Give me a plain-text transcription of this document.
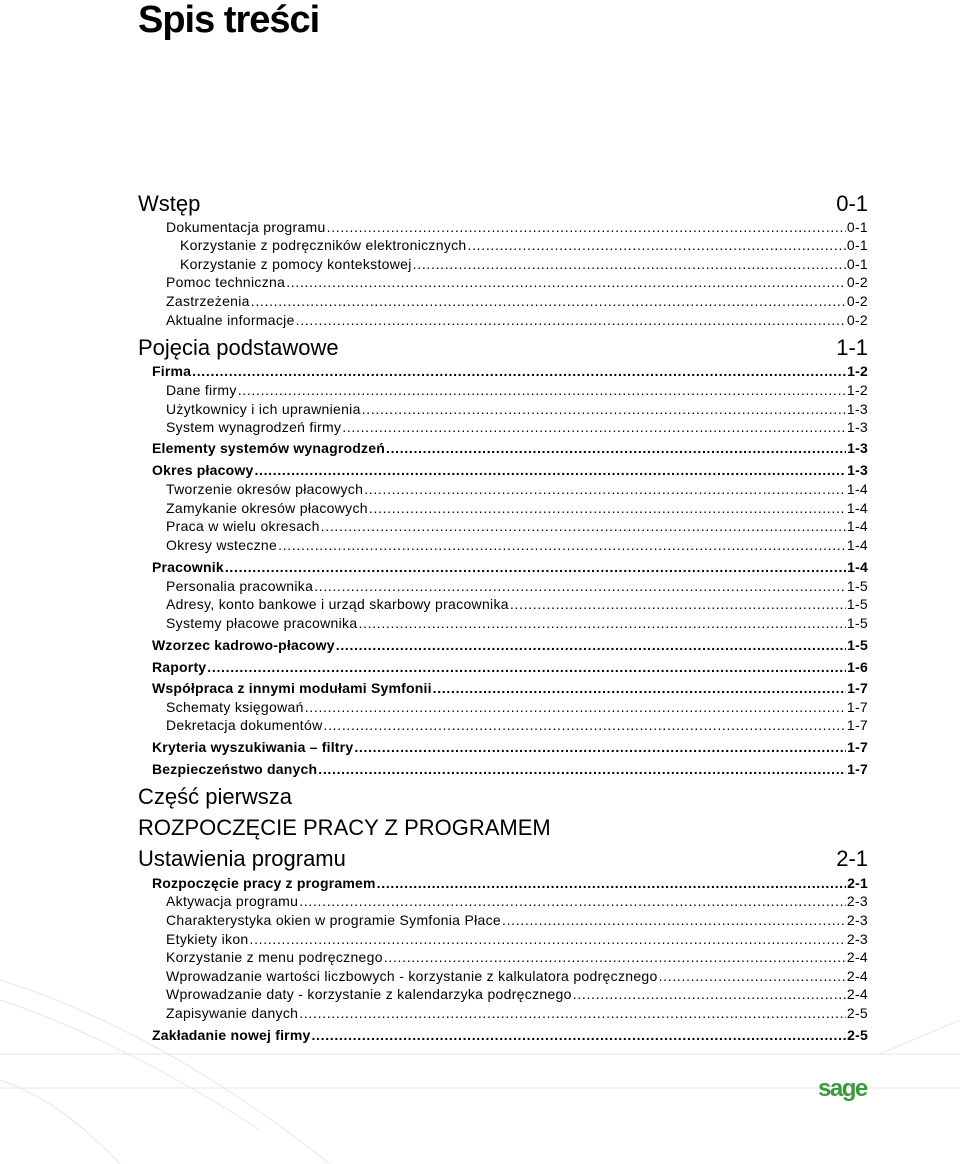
Spis treści
Wstęp	0-1
Dokumentacja programu . . .	0-1
Korzystanie z podręczników elektronicznych . . .	0-1
Korzystanie z pomocy kontekstowej . . .	0-1
Pomoc techniczna . . .	0-2
Zastrzeżenia . . .	0-2
Aktualne informacje . . .	0-2
Pojęcia podstawowe	1-1
Firma . . .	1-2
Dane firmy . . .	1-2
Użytkownicy i ich uprawnienia . . .	1-3
System wynagrodzeń firmy . . .	1-3
Elementy systemów wynagrodzeń . . .	1-3
Okres płacowy . . .	1-3
Tworzenie okresów płacowych . . .	1-4
Zamykanie okresów płacowych . . .	1-4
Praca w wielu okresach . . .	1-4
Okresy wsteczne . . .	1-4
Pracownik . . .	1-4
Personalia pracownika . . .	1-5
Adresy, konto bankowe i urząd skarbowy pracownika . . .	1-5
Systemy płacowe pracownika . . .	1-5
Wzorzec kadrowo-płacowy . . .	1-5
Raporty . . .	1-6
Współpraca z innymi modułami Symfonii . . .	1-7
Schematy księgowań . . .	1-7
Dekretacja dokumentów . . .	1-7
Kryteria wyszukiwania – filtry . . .	1-7
Bezpieczeństwo danych . . .	1-7
Część pierwsza
ROZPOCZĘCIE PRACY Z PROGRAMEM
Ustawienia programu	2-1
Rozpoczęcie pracy z programem . . .	2-1
Aktywacja programu . . .	2-3
Charakterystyka okien w programie Symfonia Płace . . .	2-3
Etykiety ikon . . .	2-3
Korzystanie z menu podręcznego . . .	2-4
Wprowadzanie wartości liczbowych - korzystanie z kalkulatora podręcznego . . .	2-4
Wprowadzanie daty - korzystanie z kalendarzyka podręcznego . . .	2-4
Zapisywanie danych . . .	2-5
Zakładanie nowej firmy . . .	2-5
sage
